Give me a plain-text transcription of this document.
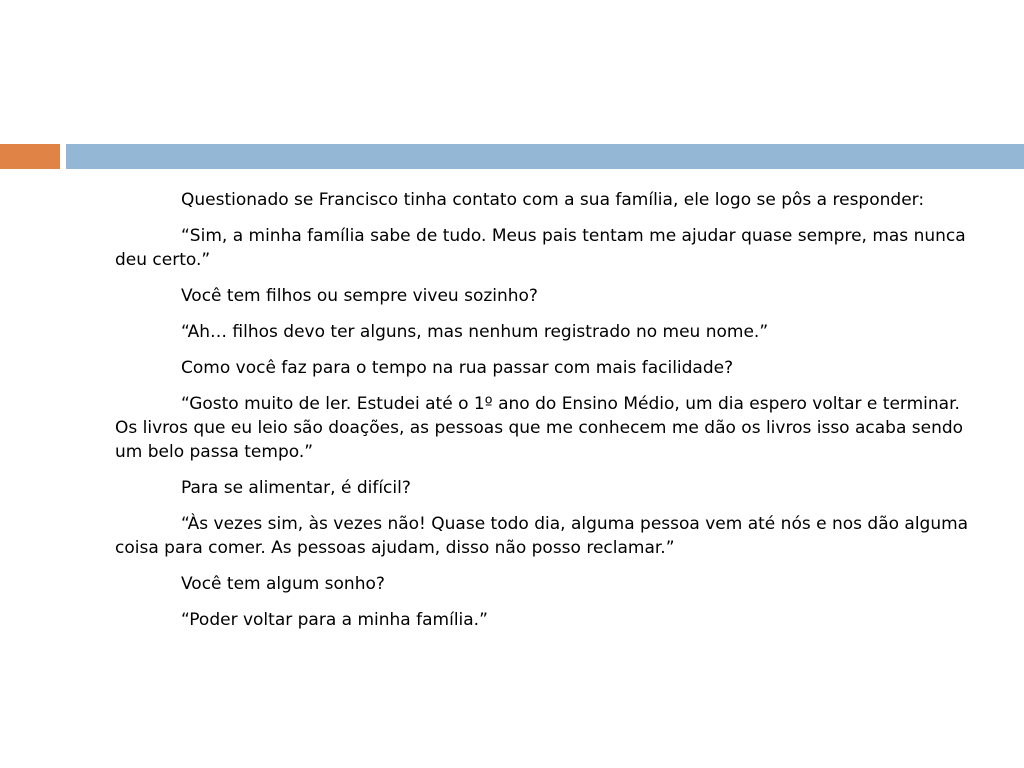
Questionado se Francisco tinha contato com a sua família, ele logo se pôs a responder:

“Sim, a minha família sabe de tudo. Meus pais tentam me ajudar quase sempre, mas nunca deu certo.”

Você tem filhos ou sempre viveu sozinho?

“Ah… filhos devo ter alguns, mas nenhum registrado no meu nome.”

Como você faz para o tempo na rua passar com mais facilidade?

“Gosto muito de ler. Estudei até o 1º ano do Ensino Médio, um dia espero voltar e terminar. Os livros que eu leio são doações, as pessoas que me conhecem me dão os livros isso acaba sendo um belo passa tempo.”

Para se alimentar, é difícil?

“Às vezes sim, às vezes não! Quase todo dia, alguma pessoa vem até nós e nos dão alguma coisa para comer. As pessoas ajudam, disso não posso reclamar.”

Você tem algum sonho?

“Poder voltar para a minha família.”
